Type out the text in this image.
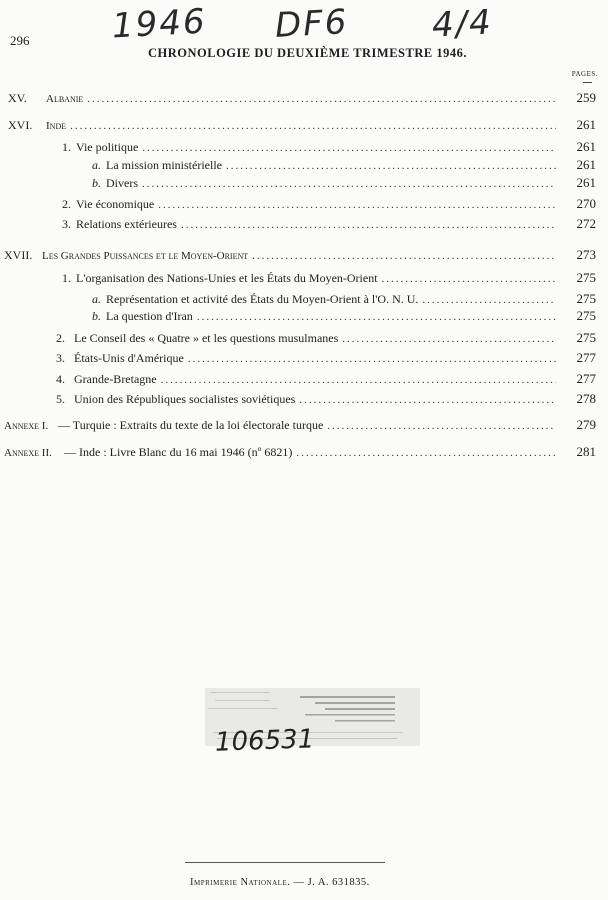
1946 DF6 4/4
296
CHRONOLOGIE DU DEUXIÈME TRIMESTRE 1946.
PAGES.
XV. Albanie .....	259
XVI. Inde .....	261
1. Vie politique .....	261
a. La mission ministérielle .....	261
b. Divers .....	261
2. Vie économique .....	270
3. Relations extérieures .....	272
XVII. Les Grandes Puissances et le Moyen-Orient .....	273
1. L'organisation des Nations-Unies et les États du Moyen-Orient .....	275
a. Représentation et activité des États du Moyen-Orient à l'O. N. U. .....	275
b. La question d'Iran .....	275
2. Le Conseil des « Quatre » et les questions musulmanes .....	275
3. États-Unis d'Amérique .....	277
4. Grande-Bretagne .....	277
5. Union des Républiques socialistes soviétiques .....	278
Annexe I. — Turquie : Extraits du texte de la loi électorale turque .....	279
Annexe II. — Inde : Livre Blanc du 16 mai 1946 (nº 6821) .....	281
106531
Imprimerie Nationale. — J. A. 631835.
